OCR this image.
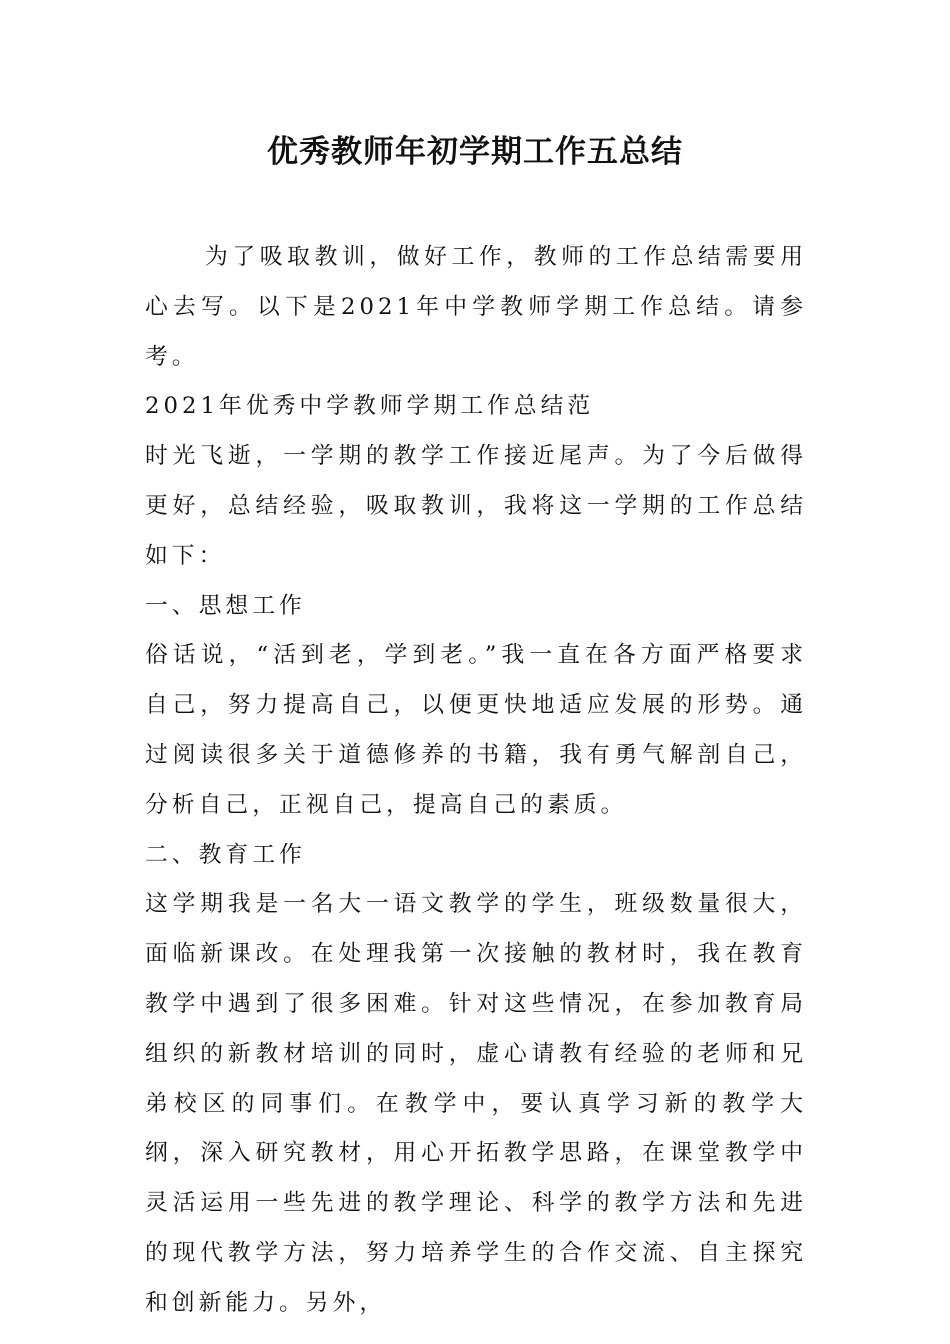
优秀教师年初学期工作五总结

为了吸取教训，做好工作，教师的工作总结需要用心去写。以下是2021年中学教师学期工作总结。请参考。

2021年优秀中学教师学期工作总结范

时光飞逝，一学期的教学工作接近尾声。为了今后做得更好，总结经验，吸取教训，我将这一学期的工作总结如下：

一、思想工作

俗话说，“活到老，学到老。”我一直在各方面严格要求自己，努力提高自己，以便更快地适应发展的形势。通过阅读很多关于道德修养的书籍，我有勇气解剖自己，分析自己，正视自己，提高自己的素质。

二、教育工作

这学期我是一名大一语文教学的学生，班级数量很大，面临新课改。在处理我第一次接触的教材时，我在教育教学中遇到了很多困难。针对这些情况，在参加教育局组织的新教材培训的同时，虚心请教有经验的老师和兄弟校区的同事们。在教学中，要认真学习新的教学大纲，深入研究教材，用心开拓教学思路，在课堂教学中灵活运用一些先进的教学理论、科学的教学方法和先进的现代教学方法，努力培养学生的合作交流、自主探究和创新能力。另外，
